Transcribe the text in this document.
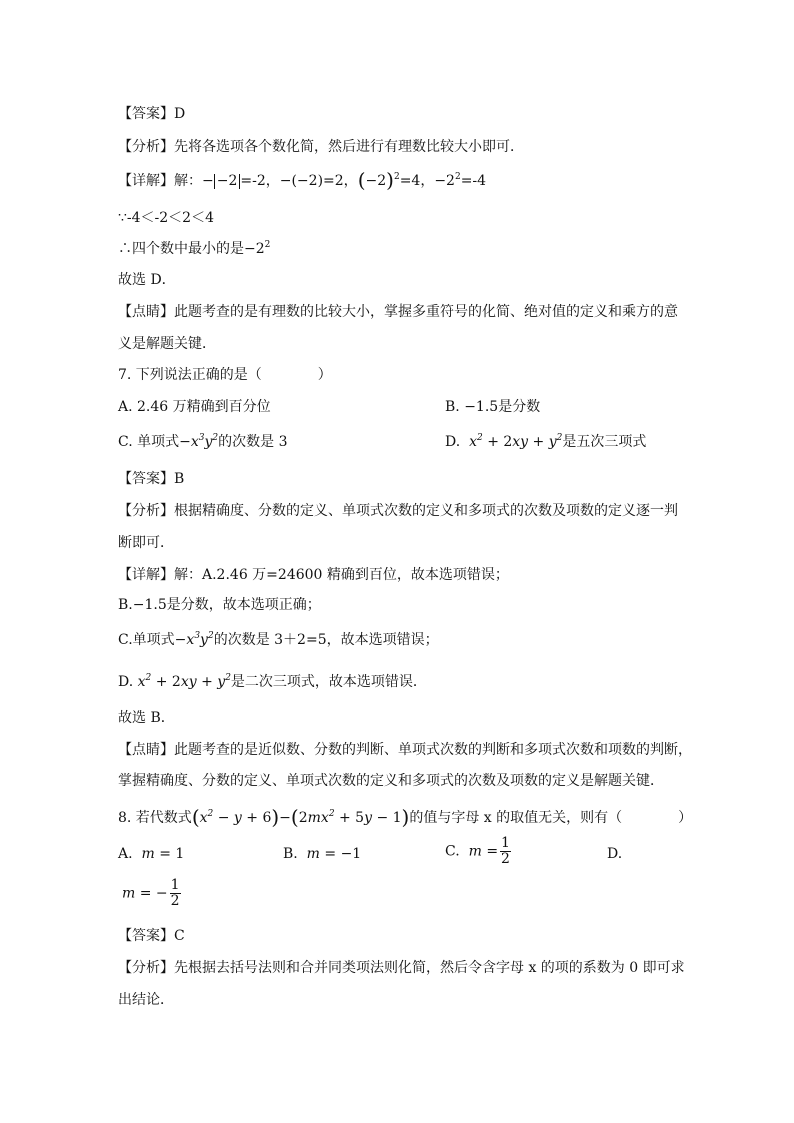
【答案】D
【分析】先将各选项各个数化简，然后进行有理数比较大小即可．
【详解】解：− −2 =-2，−(−2)=2，$(-2)^2=4$，$-2^2=-4$
∵-4＜-2＜2＜4
∴四个数中最小的是$-2^2$
故选 D．
【点睛】此题考查的是有理数的比较大小，掌握多重符号的化简、绝对值的定义和乘方的意
义是解题关键．
7. 下列说法正确的是（　　　　）
A. 2.46 万精确到百分位	B. −1.5是分数
C. 单项式$-x^3y^2$的次数是 3	D. $x^2 + 2xy + y^2$是五次三项式
【答案】B
【分析】根据精确度、分数的定义、单项式次数的定义和多项式的次数及项数的定义逐一判
断即可．
【详解】解：A.2.46 万=24600 精确到百位，故本选项错误；
B.−1.5是分数，故本选项正确；
C.单项式$-x^3y^2$的次数是 3＋2=5，故本选项错误；
D. $x^2 + 2xy + y^2$是二次三项式，故本选项错误．
故选 B．
【点睛】此题考查的是近似数、分数的判断、单项式次数的判断和多项式次数和项数的判断，
掌握精确度、分数的定义、单项式次数的定义和多项式的次数及项数的定义是解题关键．
8. 若代数式$(x^2 - y + 6)-(2mx^2 + 5y - 1)$的值与字母 x 的取值无关，则有（　　　　）
A. m = 1	B. m = −1	C. $m = \frac{1}{2}$	D.
m = − $\frac{1}{2}$
【答案】C
【分析】先根据去括号法则和合并同类项法则化简，然后令含字母 x 的项的系数为 0 即可求
出结论．
